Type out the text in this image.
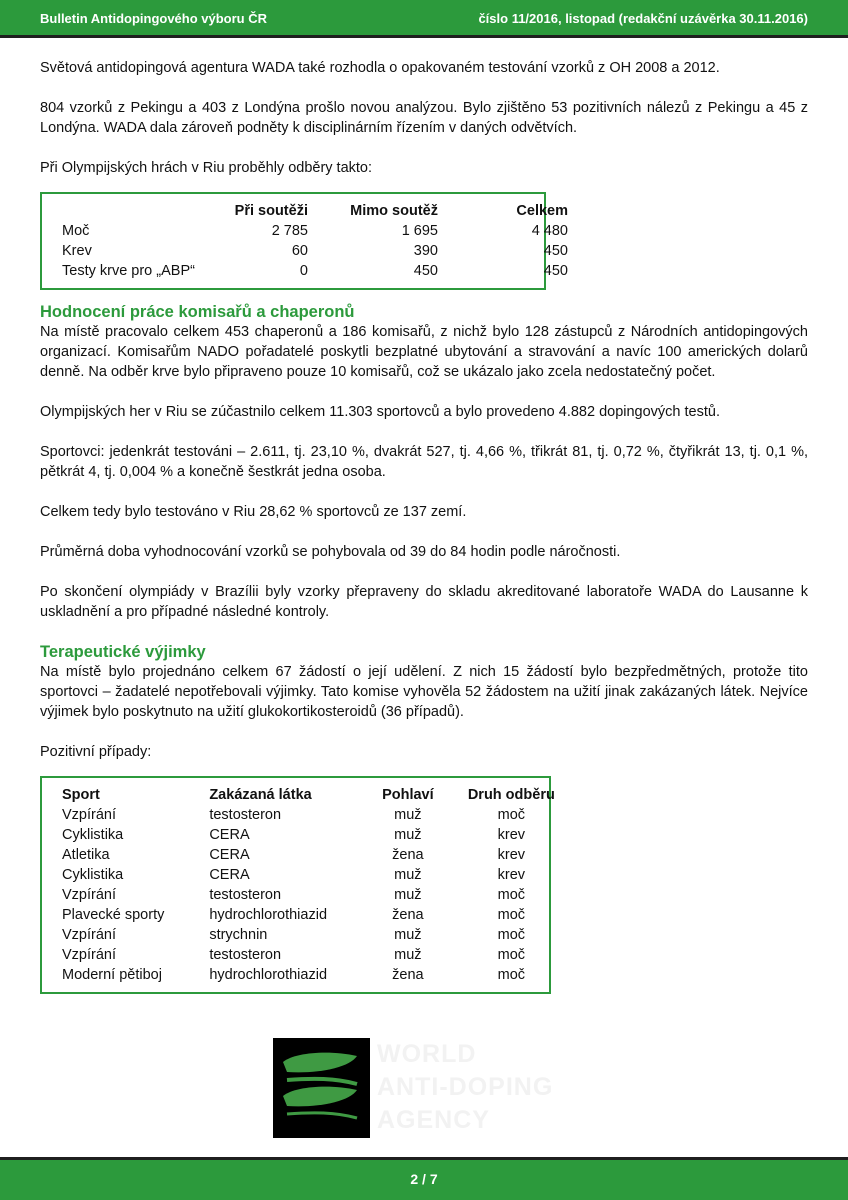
Bulletin Antidopingového výboru ČR	číslo 11/2016, listopad (redakční uzávěrka 30.11.2016)

Světová antidopingová agentura WADA také rozhodla o opakovaném testování vzorků z OH 2008 a 2012.

804 vzorků z Pekingu a 403 z Londýna prošlo novou analýzou. Bylo zjištěno 53 pozitivních nálezů z Pekingu a 45 z Londýna. WADA dala zároveň podněty k disciplinárním řízením v daných odvětvích.

Při Olympijských hrách v Riu proběhly odběry takto:

	Při soutěži	Mimo soutěž	Celkem
Moč	2 785	1 695	4 480
Krev	60	390	450
Testy krve pro „ABP“	0	450	450
Hodnocení práce komisařů a chaperonů

Na místě pracovalo celkem 453 chaperonů a 186 komisařů, z nichž bylo 128 zástupců z Národních antidopingových organizací. Komisařům NADO pořadatelé poskytli bezplatné ubytování a stravování a navíc 100 amerických dolarů denně. Na odběr krve bylo připraveno pouze 10 komisařů, což se ukázalo jako zcela nedostatečný počet.

Olympijských her v Riu se zúčastnilo celkem 11.303 sportovců a bylo provedeno 4.882 dopingových testů.

Sportovci: jedenkrát testováni – 2.611, tj. 23,10 %, dvakrát 527, tj. 4,66 %, třikrát 81, tj. 0,72 %, čtyřikrát 13, tj. 0,1 %, pětkrát 4, tj. 0,004 % a konečně šestkrát jedna osoba.

Celkem tedy bylo testováno v Riu 28,62 % sportovců ze 137 zemí.

Průměrná doba vyhodnocování vzorků se pohybovala od 39 do 84 hodin podle náročnosti.

Po skončení olympiády v Brazílii byly vzorky přepraveny do skladu akreditované laboratoře WADA do Lausanne k uskladnění a pro případné následné kontroly.

Terapeutické výjimky

Na místě bylo projednáno celkem 67 žádostí o její udělení. Z nich 15 žádostí bylo bezpředmětných, protože tito sportovci – žadatelé nepotřebovali výjimky. Tato komise vyhověla 52 žádostem na užití jinak zakázaných látek. Nejvíce výjimek bylo poskytnuto na užití glukokortikosteroidů (36 případů).

Pozitivní případy:

Sport	Zakázaná látka	Pohlaví	Druh odběru
Vzpírání	testosteron	muž	moč
Cyklistika	CERA	muž	krev
Atletika	CERA	žena	krev
Cyklistika	CERA	muž	krev
Vzpírání	testosteron	muž	moč
Plavecké sporty	hydrochlorothiazid	žena	moč
Vzpírání	strychnin	muž	moč
Vzpírání	testosteron	muž	moč
Moderní pětiboj	hydrochlorothiazid	žena	moč
WORLD
ANTI-DOPING
AGENCY
2 / 7
